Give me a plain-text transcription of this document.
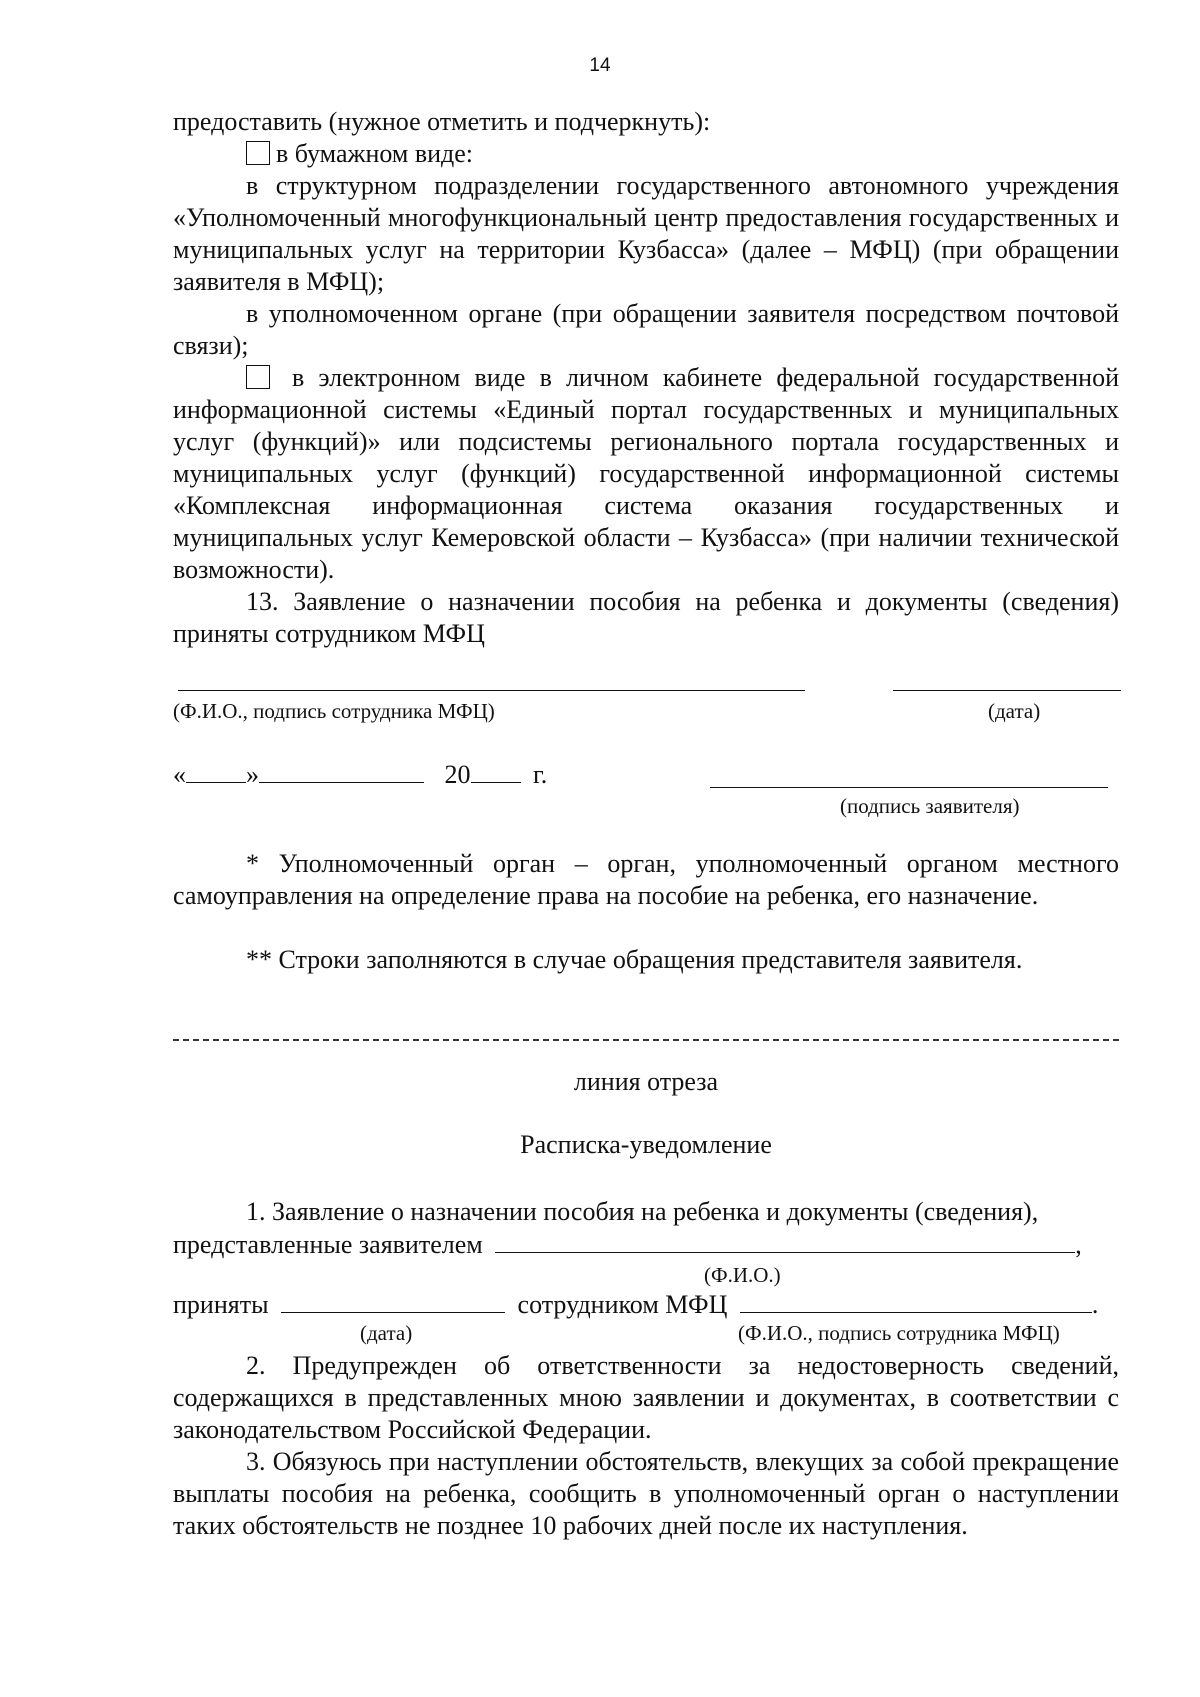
14
предоставить (нужное отметить и подчеркнуть):
в бумажном виде:
в структурном подразделении государственного автономного учреждения «Уполномоченный многофункциональный центр предоставления государственных и муниципальных услуг на территории Кузбасса» (далее – МФЦ) (при обращении заявителя в МФЦ);
в уполномоченном органе (при обращении заявителя посредством почтовой связи);
в электронном виде в личном кабинете федеральной государственной информационной системы «Единый портал государственных и муниципальных услуг (функций)» или подсистемы регионального портала государственных и муниципальных услуг (функций) государственной информационной системы «Комплексная информационная система оказания государственных и муниципальных услуг Кемеровской области – Кузбасса» (при наличии технической возможности).
13. Заявление о назначении пособия на ребенка и документы (сведения) приняты сотрудником МФЦ
(Ф.И.О., подпись сотрудника МФЦ)	(дата)
« »	20 г.
(подпись заявителя)
* Уполномоченный орган – орган, уполномоченный органом местного самоуправления на определение права на пособие на ребенка, его назначение.
** Строки заполняются в случае обращения представителя заявителя.
линия отреза
Расписка-уведомление
1. Заявление о назначении пособия на ребенка и документы (сведения),
представленные заявителем	,
(Ф.И.О.)
приняты	сотрудником МФЦ	.
(дата)	(Ф.И.О., подпись сотрудника МФЦ)
2. Предупрежден об ответственности за недостоверность сведений, содержащихся в представленных мною заявлении и документах, в соответствии с законодательством Российской Федерации.
3. Обязуюсь при наступлении обстоятельств, влекущих за собой прекращение выплаты пособия на ребенка, сообщить в уполномоченный орган о наступлении таких обстоятельств не позднее 10 рабочих дней после их наступления.
